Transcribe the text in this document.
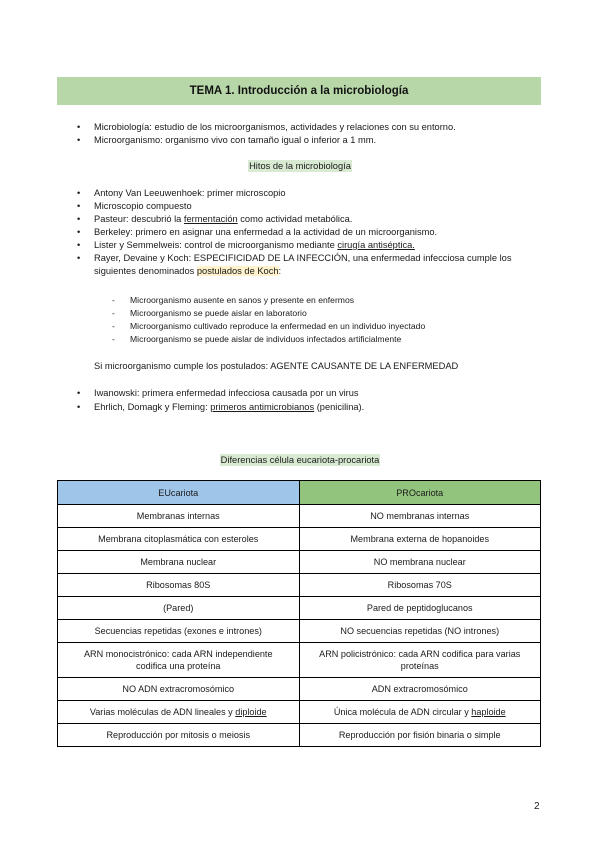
TEMA 1. Introducción a la microbiología
• Microbiología: estudio de los microorganismos, actividades y relaciones con su entorno.
• Microorganismo: organismo vivo con tamaño igual o inferior a 1 mm.
Hitos de la microbiología
• Antony Van Leeuwenhoek: primer microscopio
• Microscopio compuesto
• Pasteur: descubrió la fermentación como actividad metabólica.
• Berkeley: primero en asignar una enfermedad a la actividad de un microorganismo.
• Lister y Semmelweis: control de microorganismo mediante cirugía antiséptica.
• Rayer, Devaine y Koch: ESPECIFICIDAD DE LA INFECCIÓN, una enfermedad infecciosa cumple los siguientes denominados postulados de Koch:
- Microorganismo ausente en sanos y presente en enfermos
- Microorganismo se puede aislar en laboratorio
- Microorganismo cultivado reproduce la enfermedad en un individuo inyectado
- Microorganismo se puede aislar de individuos infectados artificialmente
Si microorganismo cumple los postulados: AGENTE CAUSANTE DE LA ENFERMEDAD
• Iwanowski: primera enfermedad infecciosa causada por un virus
• Ehrlich, Domagk y Fleming: primeros antimicrobianos (penicilina).
Diferencias célula eucariota-procariota
EUcariota	PROcariota
Membranas internas	NO membranas internas
Membrana citoplasmática con esteroles	Membrana externa de hopanoides
Membrana nuclear	NO membrana nuclear
Ribosomas 80S	Ribosomas 70S
(Pared)	Pared de peptidoglucanos
Secuencias repetidas (exones e intrones)	NO secuencias repetidas (NO intrones)
ARN monocistrónico: cada ARN independiente codifica una proteína	ARN policistrónico: cada ARN codifica para varias proteínas
NO ADN extracromosómico	ADN extracromosómico
Varias moléculas de ADN lineales y diploide	Única molécula de ADN circular y haploide
Reproducción por mitosis o meiosis	Reproducción por fisión binaria o simple
2
